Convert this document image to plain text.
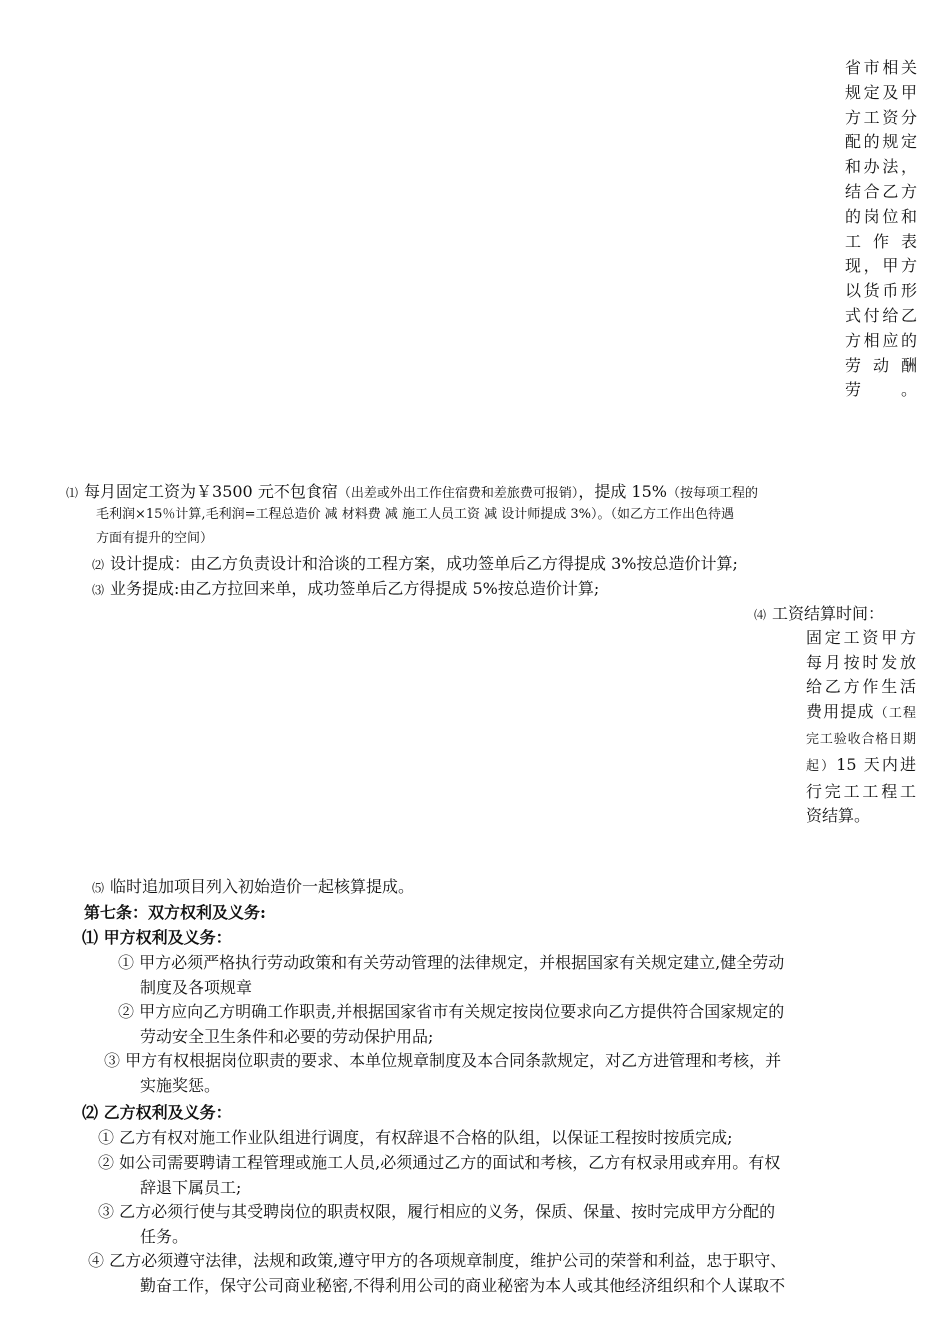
省市相关规定及甲方工资分配的规定和办法，结合乙方的岗位和工作表现，甲方以货币形式付给乙方相应的劳动酬劳。
⑴ 每月固定工资为￥3500 元不包食宿（出差或外出工作住宿费和差旅费可报销），提成 15%（按每项工程的
毛利润×15％计算,毛利润=工程总造价 减 材料费 减 施工人员工资 减 设计师提成 3%）。（如乙方工作出色待遇
方面有提升的空间）
⑵ 设计提成：由乙方负责设计和洽谈的工程方案，成功签单后乙方得提成 3%按总造价计算;
⑶ 业务提成:由乙方拉回来单，成功签单后乙方得提成 5%按总造价计算;
⑷ 工资结算时间：
固定工资甲方每月按时发放给乙方作生活费用提成（工程完工验收合格日期起）15 天内进行完工工程工资结算。
⑸ 临时追加项目列入初始造价一起核算提成。
第七条：双方权利及义务:
⑴ 甲方权利及义务：
① 甲方必须严格执行劳动政策和有关劳动管理的法律规定，并根据国家有关规定建立,健全劳动
制度及各项规章
② 甲方应向乙方明确工作职责,并根据国家省市有关规定按岗位要求向乙方提供符合国家规定的
劳动安全卫生条件和必要的劳动保护用品;
③ 甲方有权根据岗位职责的要求、本单位规章制度及本合同条款规定，对乙方进管理和考核，并
实施奖惩。
⑵ 乙方权利及义务：
① 乙方有权对施工作业队组进行调度，有权辞退不合格的队组，以保证工程按时按质完成;
② 如公司需要聘请工程管理或施工人员,必须通过乙方的面试和考核，乙方有权录用或弃用。有权
辞退下属员工;
③ 乙方必须行使与其受聘岗位的职责权限，履行相应的义务，保质、保量、按时完成甲方分配的
任务。
④ 乙方必须遵守法律，法规和政策,遵守甲方的各项规章制度，维护公司的荣誉和利益，忠于职守、
勤奋工作，保守公司商业秘密,不得利用公司的商业秘密为本人或其他经济组织和个人谋取不
